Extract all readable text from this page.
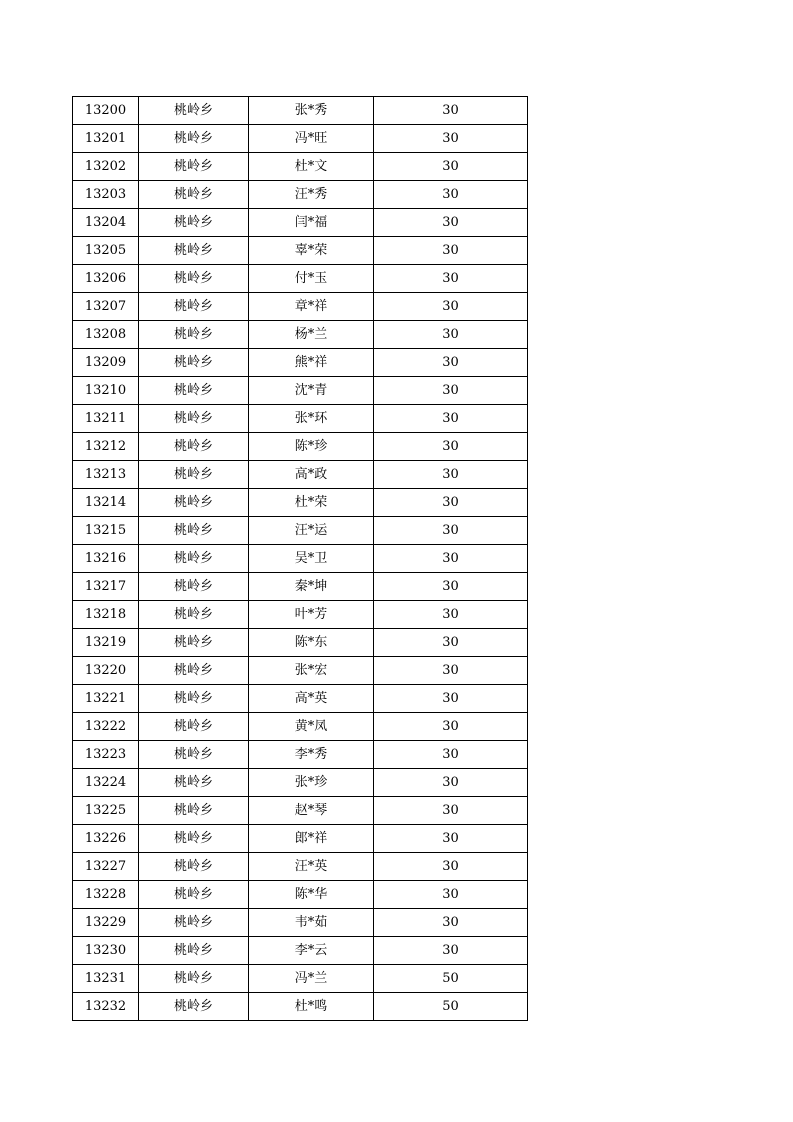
13200	桃岭乡	张*秀	30
13201	桃岭乡	冯*旺	30
13202	桃岭乡	杜*文	30
13203	桃岭乡	汪*秀	30
13204	桃岭乡	闫*福	30
13205	桃岭乡	辜*荣	30
13206	桃岭乡	付*玉	30
13207	桃岭乡	章*祥	30
13208	桃岭乡	杨*兰	30
13209	桃岭乡	熊*祥	30
13210	桃岭乡	沈*青	30
13211	桃岭乡	张*环	30
13212	桃岭乡	陈*珍	30
13213	桃岭乡	高*政	30
13214	桃岭乡	杜*荣	30
13215	桃岭乡	汪*运	30
13216	桃岭乡	吴*卫	30
13217	桃岭乡	秦*坤	30
13218	桃岭乡	叶*芳	30
13219	桃岭乡	陈*东	30
13220	桃岭乡	张*宏	30
13221	桃岭乡	高*英	30
13222	桃岭乡	黄*凤	30
13223	桃岭乡	李*秀	30
13224	桃岭乡	张*珍	30
13225	桃岭乡	赵*琴	30
13226	桃岭乡	郎*祥	30
13227	桃岭乡	汪*英	30
13228	桃岭乡	陈*华	30
13229	桃岭乡	韦*茹	30
13230	桃岭乡	李*云	30
13231	桃岭乡	冯*兰	50
13232	桃岭乡	杜*鸣	50
